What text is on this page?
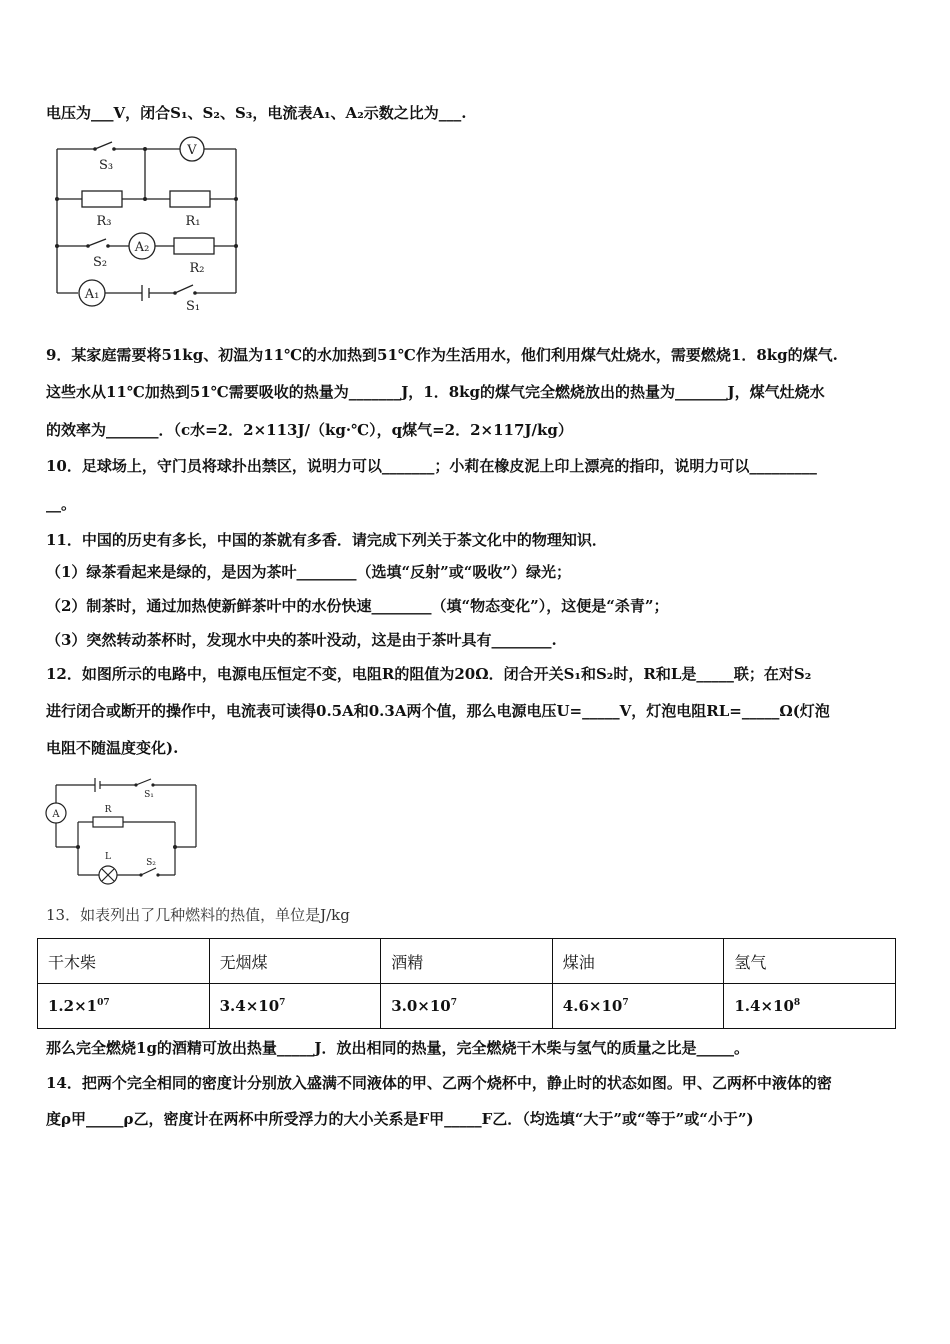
电压为___V，闭合S₁、S₂、S₃，电流表A₁、A₂示数之比为___.
V
S₃
R₃	R₁
S₂
A₂
R₂
A₁
S₁
9．某家庭需要将51kg、初温为11℃的水加热到51℃作为生活用水，他们利用煤气灶烧水，需要燃烧1．8kg的煤气.
这些水从11℃加热到51℃需要吸收的热量为_______J，1．8kg的煤气完全燃烧放出的热量为_______J，煤气灶烧水
的效率为_______．（c水=2．2×113J/（kg·℃），q煤气=2．2×117J/kg）
10．足球场上，守门员将球扑出禁区，说明力可以_______；小莉在橡皮泥上印上漂亮的指印，说明力可以_________
__。
11．中国的历史有多长，中国的茶就有多香．请完成下列关于茶文化中的物理知识．
（1）绿茶看起来是绿的，是因为茶叶________（选填“反射”或“吸收”）绿光；
（2）制茶时，通过加热使新鲜茶叶中的水份快速________（填“物态变化”），这便是“杀青”；
（3）突然转动茶杯时，发现水中央的茶叶没动，这是由于茶叶具有________.
12．如图所示的电路中，电源电压恒定不变，电阻R的阻值为20Ω．闭合开关S₁和S₂时，R和L是_____联；在对S₂
进行闭合或断开的操作中，电流表可读得0.5A和0.3A两个值，那么电源电压U=_____V，灯泡电阻RL=_____Ω(灯泡
电阻不随温度变化).
A
S₁
R
L
S₂
13．如表列出了几种燃料的热值，单位是J/kg
干木柴	无烟煤	酒精	煤油	氢气
$1.2\times 1^{07}$	$3.4\times 10^7$	$3.0\times 10^7$	$4.6\times 10^7$	$1.4\times 10^8$
那么完全燃烧1g的酒精可放出热量_____J．放出相同的热量，完全燃烧干木柴与氢气的质量之比是_____。
14．把两个完全相同的密度计分别放入盛满不同液体的甲、乙两个烧杯中，静止时的状态如图。甲、乙两杯中液体的密
度ρ甲_____ρ乙，密度计在两杯中所受浮力的大小关系是F甲_____F乙．（均选填“大于”或“等于”或“小于”)
